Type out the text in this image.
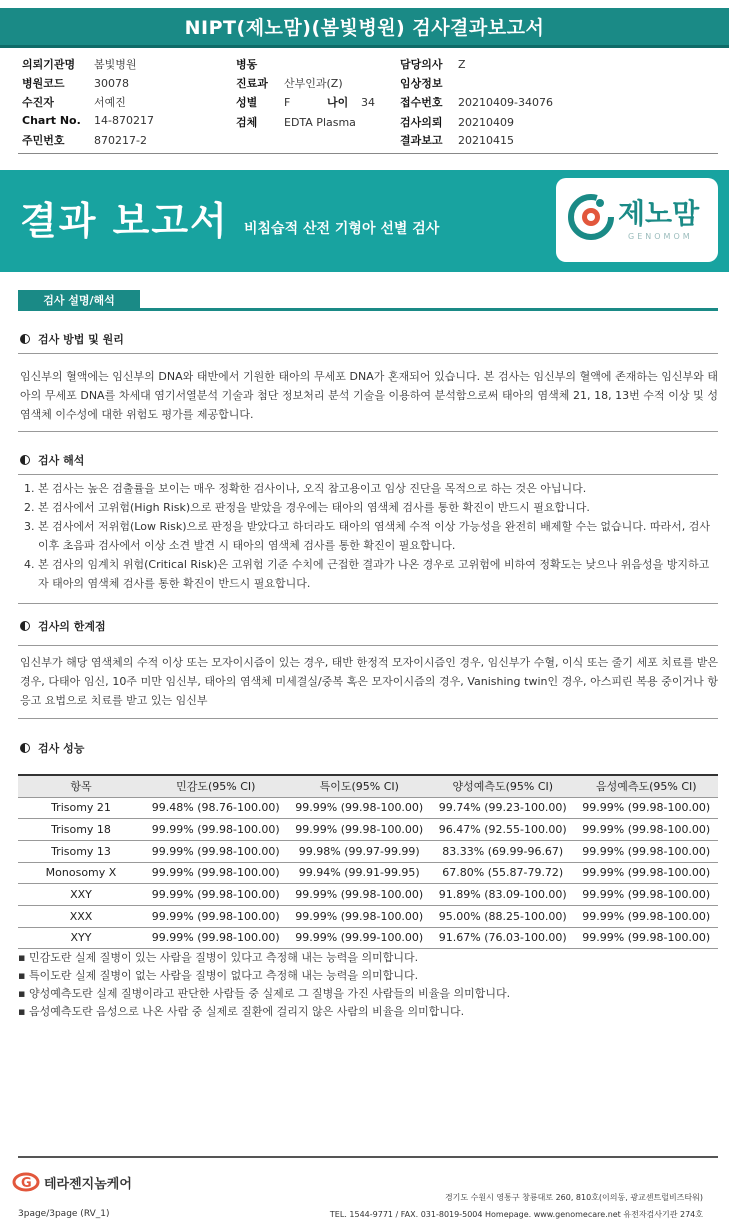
NIPT(제노맘)(봄빛병원) 검사결과보고서
의뢰기관명 봄빛병원
병원코드	30078
수진자	서예진
Chart No. 14-870217
주민번호	870217-2
병동
진료과 산부인과(Z)
성별 F	나이 34
검체 EDTA Plasma
담당의사 Z
임상정보
접수번호 20210409-34076
검사의뢰 20210409
결과보고 20210415
결과 보고서 비침습적 산전 기형아 선별 검사	제노맘
GENOMOM
검사 설명/해석
검사 방법 및 원리
임신부의 혈액에는 임신부의 DNA와 태반에서 기원한 태아의 무세포 DNA가 혼재되어 있습니다. 본 검사는 임신부의 혈액에 존재하는 임신부와 태아의 무세포 DNA를 차세대 염기서열분석 기술과 첨단 정보처리 분석 기술을 이용하여 분석함으로써 태아의 염색체 21, 18, 13번 수적 이상 및 성염색체 이수성에 대한 위험도 평가를 제공합니다.
검사 해석
1. 본 검사는 높은 검출률을 보이는 매우 정확한 검사이나, 오직 참고용이고 임상 진단을 목적으로 하는 것은 아닙니다.
2. 본 검사에서 고위험(High Risk)으로 판정을 받았을 경우에는 태아의 염색체 검사를 통한 확진이 반드시 필요합니다.
3. 본 검사에서 저위험(Low Risk)으로 판정을 받았다고 하더라도 태아의 염색체 수적 이상 가능성을 완전히 배제할 수는 없습니다. 따라서, 검사 이후 초음파 검사에서 이상 소견 발견 시 태아의 염색체 검사를 통한 확진이 필요합니다.
4. 본 검사의 임계치 위험(Critical Risk)은 고위험 기준 수치에 근접한 결과가 나온 경우로 고위험에 비하여 정확도는 낮으나 위음성을 방지하고자 태아의 염색체 검사를 통한 확진이 반드시 필요합니다.
검사의 한계점
임신부가 해당 염색체의 수적 이상 또는 모자이시즘이 있는 경우, 태반 한정적 모자이시즘인 경우, 임신부가 수혈, 이식 또는 줄기 세포 치료를 받은 경우, 다태아 임신, 10주 미만 임신부, 태아의 염색체 미세결실/중복 혹은 모자이시즘의 경우, Vanishing twin인 경우, 아스피린 복용 중이거나 항 응고 요법으로 치료를 받고 있는 임신부
검사 성능
항목	민감도(95% CI)	특이도(95% CI)	양성예측도(95% CI)	음성예측도(95% CI)
Trisomy 21	99.48% (98.76-100.00)	99.99% (99.98-100.00)	99.74% (99.23-100.00)	99.99% (99.98-100.00)
Trisomy 18	99.99% (99.98-100.00)	99.99% (99.98-100.00)	96.47% (92.55-100.00)	99.99% (99.98-100.00)
Trisomy 13	99.99% (99.98-100.00)	99.98% (99.97-99.99)	83.33% (69.99-96.67)	99.99% (99.98-100.00)
Monosomy X	99.99% (99.98-100.00)	99.94% (99.91-99.95)	67.80% (55.87-79.72)	99.99% (99.98-100.00)
XXY	99.99% (99.98-100.00)	99.99% (99.98-100.00)	91.89% (83.09-100.00)	99.99% (99.98-100.00)
XXX	99.99% (99.98-100.00)	99.99% (99.98-100.00)	95.00% (88.25-100.00)	99.99% (99.98-100.00)
XYY	99.99% (99.98-100.00)	99.99% (99.99-100.00)	91.67% (76.03-100.00)	99.99% (99.98-100.00)
▪ 민감도란 실제 질병이 있는 사람을 질병이 있다고 측정해 내는 능력을 의미합니다.
▪ 특이도란 실제 질병이 없는 사람을 질병이 없다고 측정해 내는 능력을 의미합니다.
▪ 양성예측도란 실제 질병이라고 판단한 사람들 중 실제로 그 질병을 가진 사람들의 비율을 의미합니다.
▪ 음성예측도란 음성으로 나온 사람 중 실제로 질환에 걸리지 않은 사람의 비율을 의미합니다.
G 테라젠지놈케어
경기도 수원시 영통구 창룡대로 260, 810호(이의동, 광교센트럴비즈타워)
TEL. 1544-9771 / FAX. 031-8019-5004 Homepage. www.genomecare.net 유전자검사기관 274호
3page/3page (RV_1)
